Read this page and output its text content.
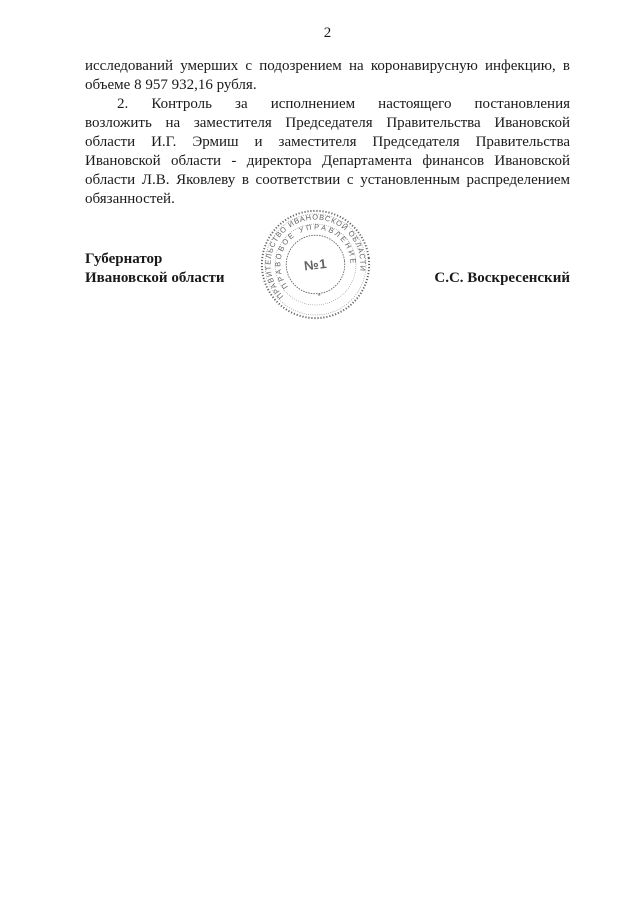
2
исследований умерших с подозрением на коронавирусную инфекцию, в
объеме 8 957 932,16 рубля.
2. Контроль за исполнением настоящего постановления
возложить на заместителя Председателя Правительства Ивановской
области И.Г. Эрмиш и заместителя Председателя Правительства
Ивановской области - директора Департамента финансов Ивановской
области Л.В. Яковлеву в соответствии с установленным распределением
обязанностей.
Губернатор
Ивановской области	С.С. Воскресенский
ПРАВИТЕЛЬСТВО ИВАНОВСКОЙ ОБЛАСТИ
ПРАВОВОЕ УПРАВЛЕНИЕ
*
№1
